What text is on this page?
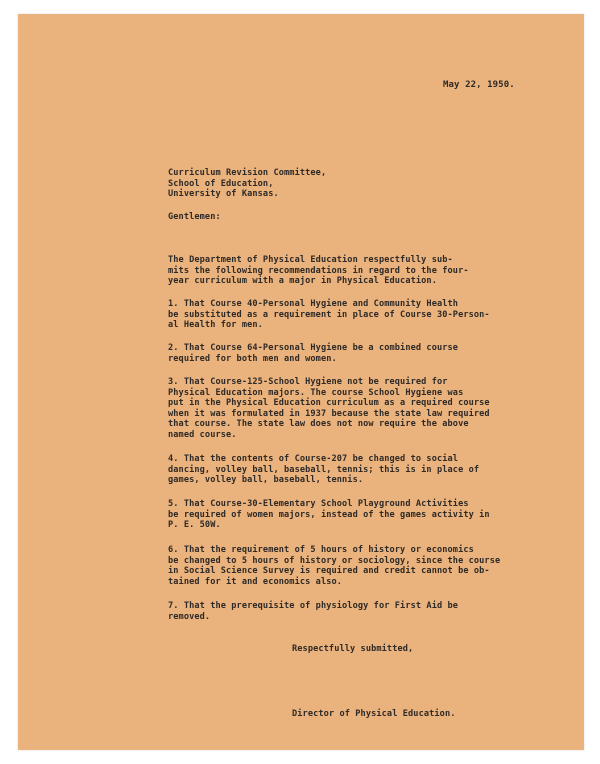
May 22, 1950.
Curriculum Revision Committee,
School of Education,
University of Kansas.
Gentlemen:
The Department of Physical Education respectfully sub-
mits the following recommendations in regard to the four-
year curriculum with a major in Physical Education.
1. That Course 40-Personal Hygiene and Community Health
be substituted as a requirement in place of Course 30-Person-
al Health for men.
2. That Course 64-Personal Hygiene be a combined course
required for both men and women.
3. That Course-125-School Hygiene not be required for
Physical Education majors. The course School Hygiene was
put in the Physical Education curriculum as a required course
when it was formulated in 1937 because the state law required
that course. The state law does not now require the above
named course.
4. That the contents of Course-207 be changed to social
dancing, volley ball, baseball, tennis; this is in place of
games, volley ball, baseball, tennis.
5. That Course-30-Elementary School Playground Activities
be required of women majors, instead of the games activity in
P. E. 50W.
6. That the requirement of 5 hours of history or economics
be changed to 5 hours of history or sociology, since the course
in Social Science Survey is required and credit cannot be ob-
tained for it and economics also.
7. That the prerequisite of physiology for First Aid be
removed.
Respectfully submitted,
Director of Physical Education.
